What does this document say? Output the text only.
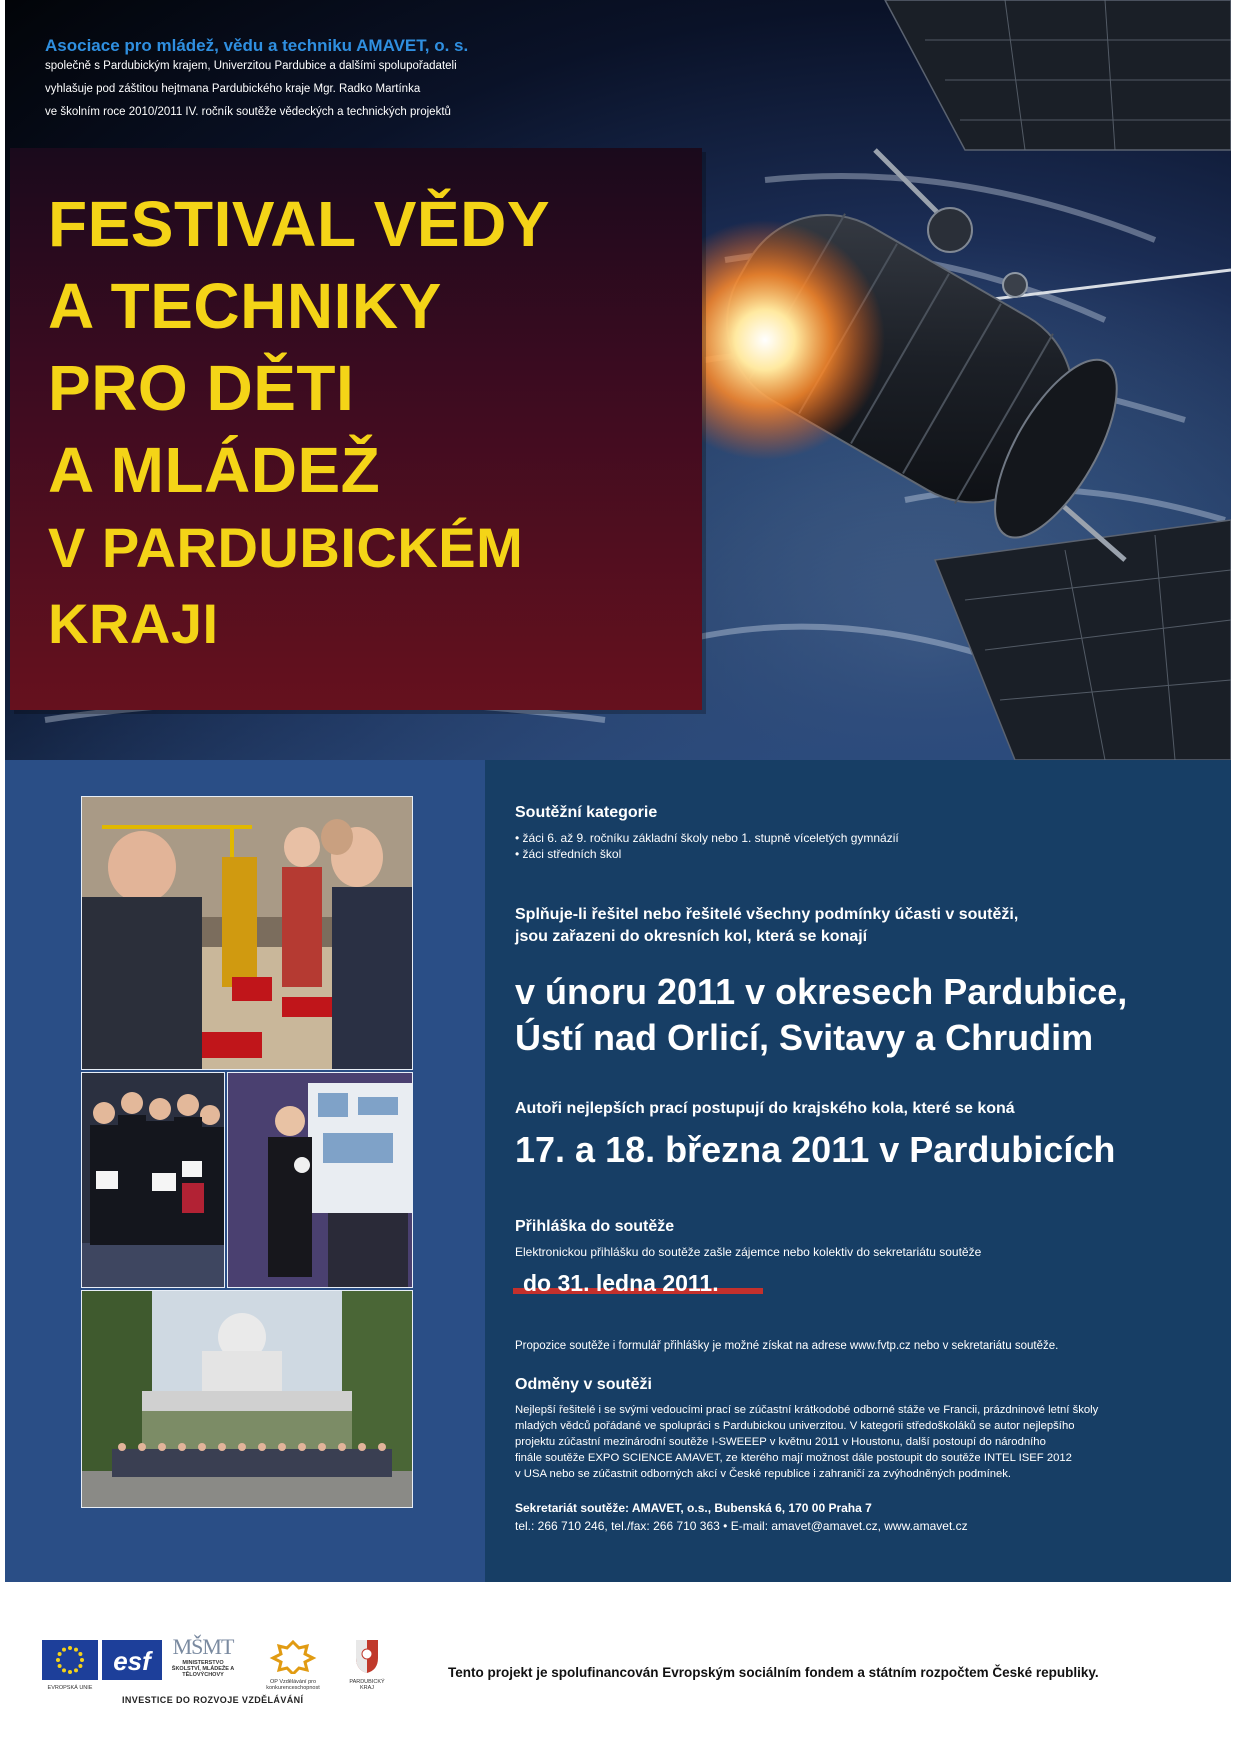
Asociace pro mládež, vědu a techniku AMAVET, o. s.
společně s Pardubickým krajem, Univerzitou Pardubice a dalšími spolupořadateli
vyhlašuje pod záštitou hejtmana Pardubického kraje Mgr. Radko Martínka
ve školním roce 2010/2011 IV. ročník soutěže vědeckých a technických projektů
FESTIVAL VĚDY
A TECHNIKY
PRO DĚTI
A MLÁDEŽ
V PARDUBICKÉM
KRAJI
Soutěžní kategorie
• žáci 6. až 9. ročníku základní školy nebo 1. stupně víceletých gymnázií
• žáci středních škol
Splňuje-li řešitel nebo řešitelé všechny podmínky účasti v soutěži,
jsou zařazeni do okresních kol, která se konají
v únoru 2011 v okresech Pardubice,
Ústí nad Orlicí, Svitavy a Chrudim
Autoři nejlepších prací postupují do krajského kola, které se koná
17. a 18. března 2011 v Pardubicích
Přihláška do soutěže
Elektronickou přihlášku do soutěže zašle zájemce nebo kolektiv do sekretariátu soutěže
do 31. ledna 2011.
Propozice soutěže i formulář přihlášky je možné získat na adrese www.fvtp.cz nebo v sekretariátu soutěže.
Odměny v soutěži
Nejlepší řešitelé i se svými vedoucími prací se zúčastní krátkodobé odborné stáže ve Francii, prázdninové letní školy
mladých vědců pořádané ve spolupráci s Pardubickou univerzitou. V kategorii středoškoláků se autor nejlepšího
projektu zúčastní mezinárodní soutěže I-SWEEEP v květnu 2011 v Houstonu, další postoupí do národního
finále soutěže EXPO SCIENCE AMAVET, ze kterého mají možnost dále postoupit do soutěže INTEL ISEF 2012
v USA nebo se zúčastnit odborných akcí v České republice i zahraničí za zvýhodněných podmínek.
Sekretariát soutěže: AMAVET, o.s., Bubenská 6, 170 00 Praha 7
tel.: 266 710 246, tel./fax: 266 710 363 • E-mail: amavet@amavet.cz, www.amavet.cz
EVROPSKÁ UNIE
esf MŠMT
MINISTERSTVO ŠKOLSTVÍ, MLÁDEŽE A TĚLOVÝCHOVY
OP Vzdělávání pro konkurenceschopnost
PARDUBICKÝ KRAJ
INVESTICE DO ROZVOJE VZDĚLÁVÁNÍ
Tento projekt je spolufinancován Evropským sociálním fondem a státním rozpočtem České republiky.
